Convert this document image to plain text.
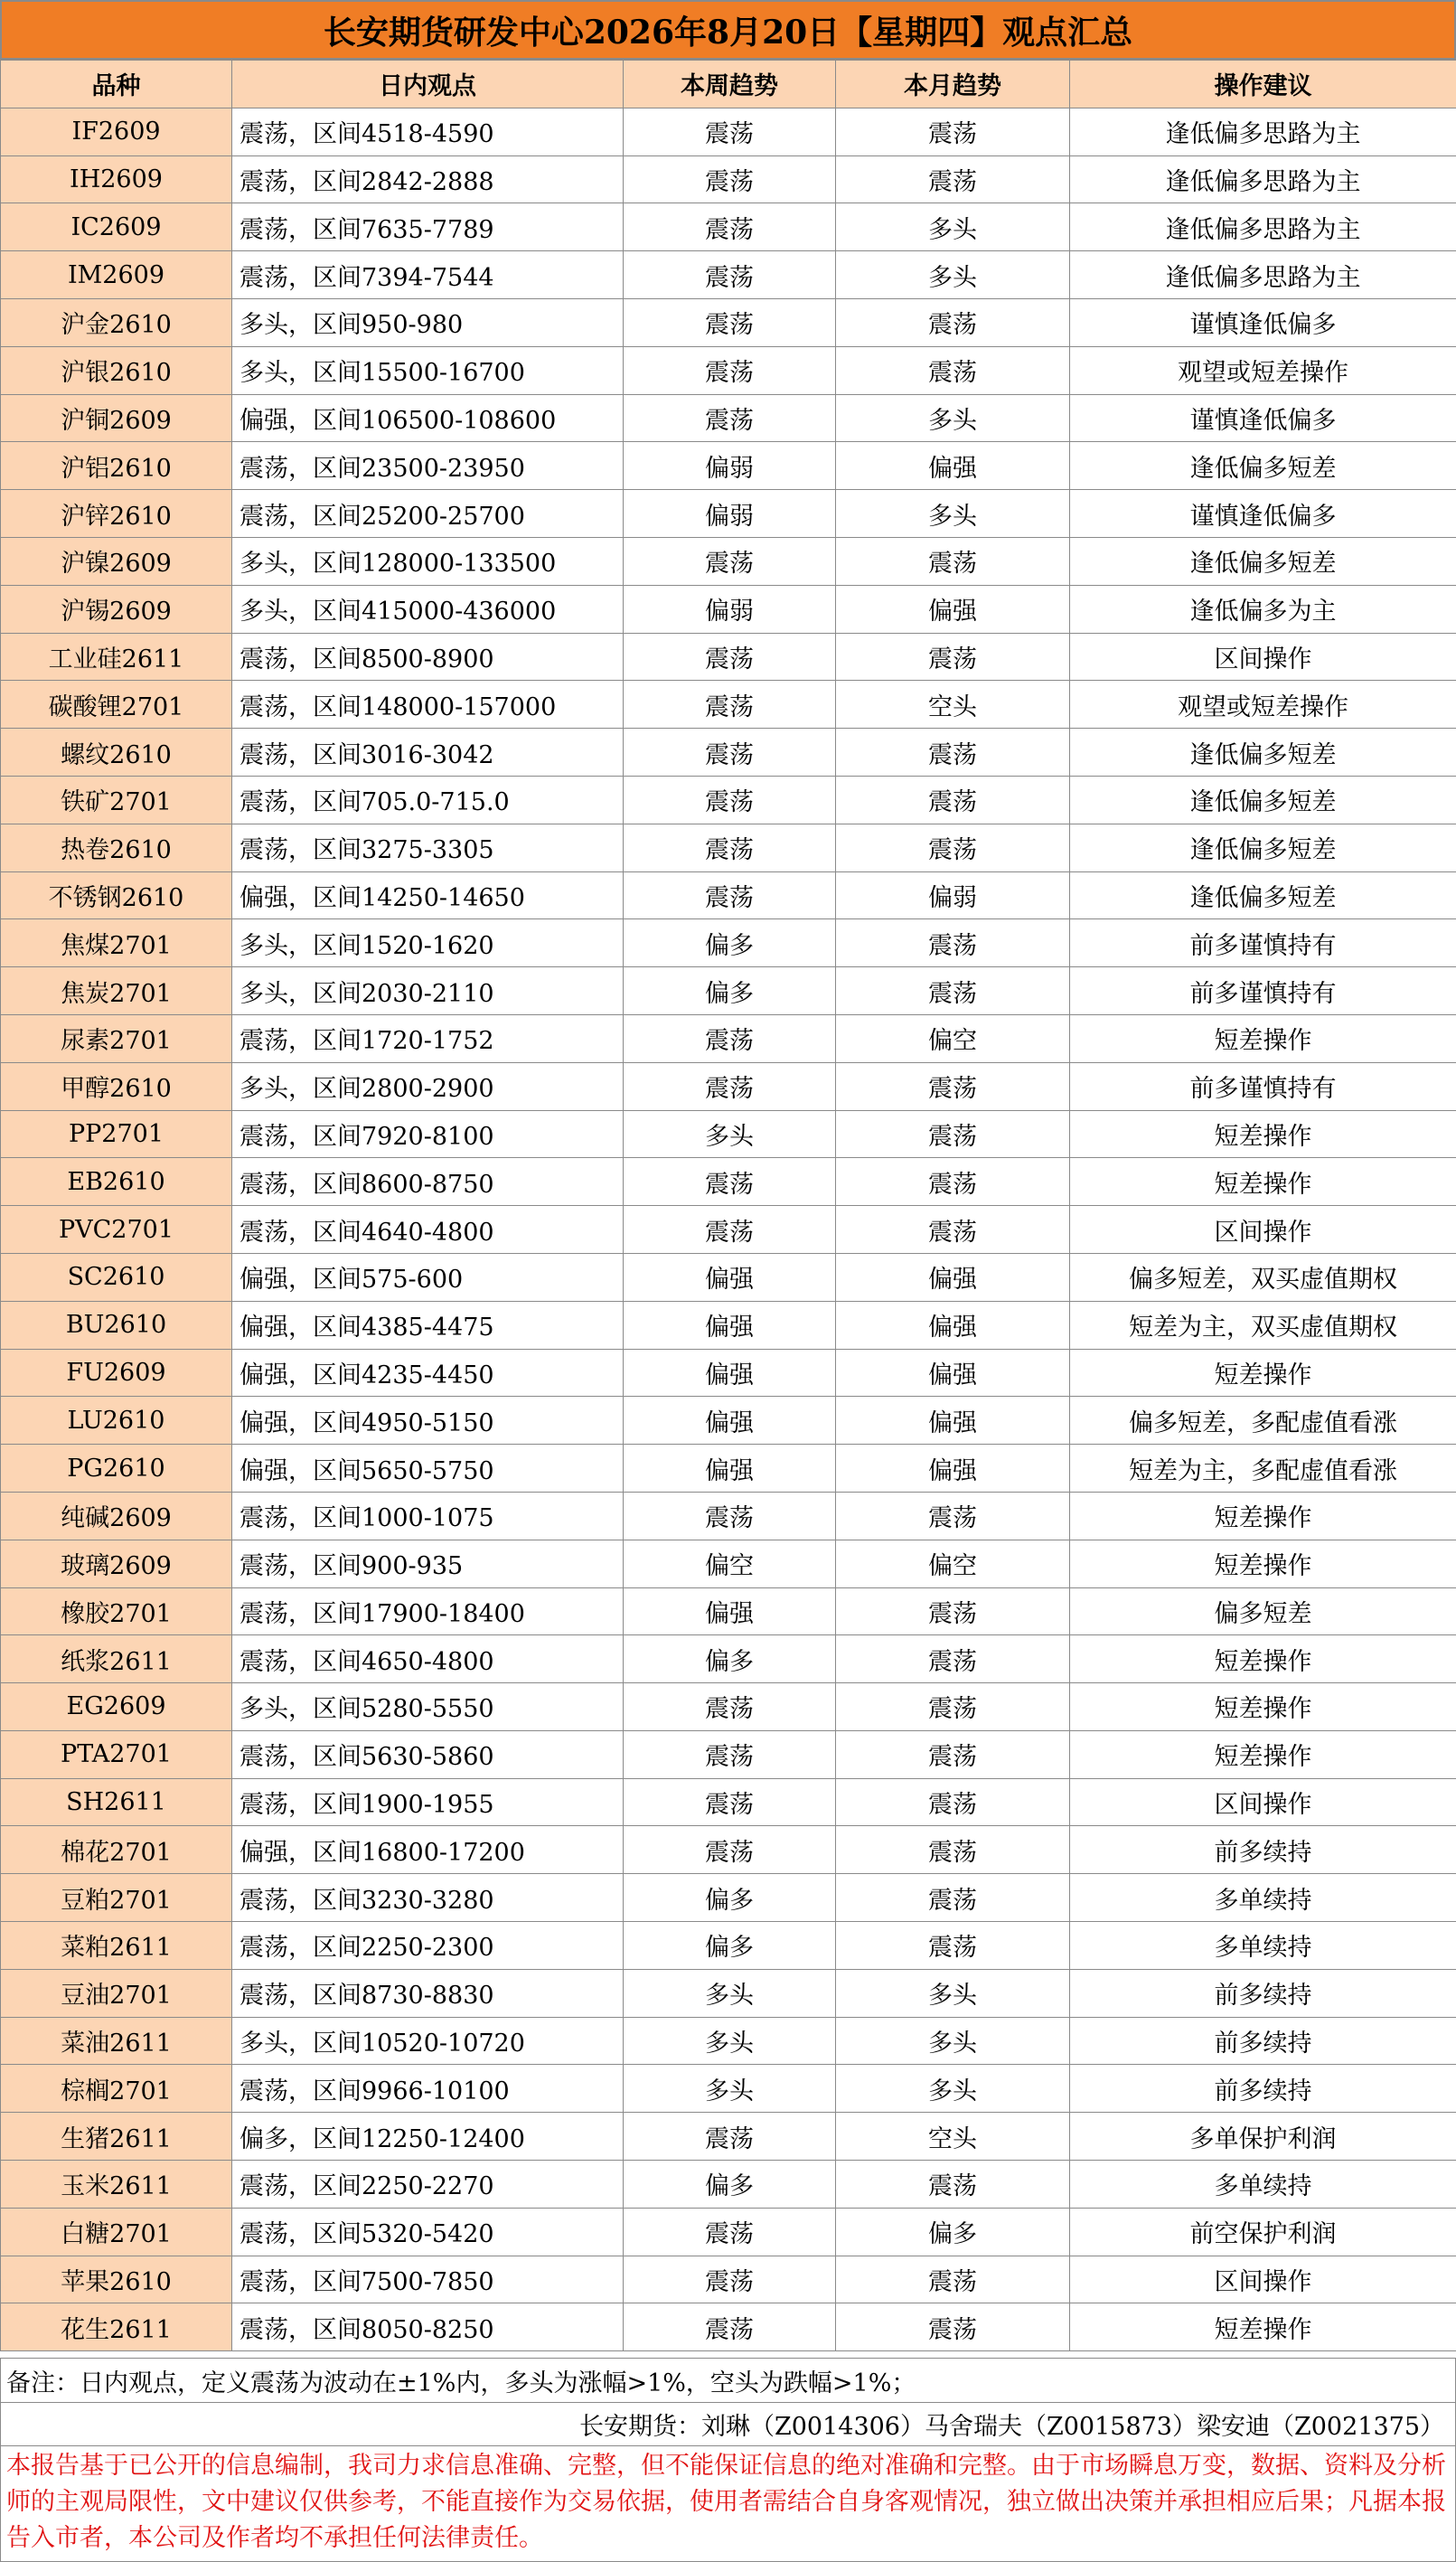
长安期货研发中心2026年8月20日【星期四】观点汇总
品种	日内观点	本周趋势	本月趋势	操作建议
IF2609	震荡，区间4518-4590	震荡	震荡	逢低偏多思路为主
IH2609	震荡，区间2842-2888	震荡	震荡	逢低偏多思路为主
IC2609	震荡，区间7635-7789	震荡	多头	逢低偏多思路为主
IM2609	震荡，区间7394-7544	震荡	多头	逢低偏多思路为主
沪金2610	多头，区间950-980	震荡	震荡	谨慎逢低偏多
沪银2610	多头，区间15500-16700	震荡	震荡	观望或短差操作
沪铜2609	偏强，区间106500-108600	震荡	多头	谨慎逢低偏多
沪铝2610	震荡，区间23500-23950	偏弱	偏强	逢低偏多短差
沪锌2610	震荡，区间25200-25700	偏弱	多头	谨慎逢低偏多
沪镍2609	多头，区间128000-133500	震荡	震荡	逢低偏多短差
沪锡2609	多头，区间415000-436000	偏弱	偏强	逢低偏多为主
工业硅2611	震荡，区间8500-8900	震荡	震荡	区间操作
碳酸锂2701	震荡，区间148000-157000	震荡	空头	观望或短差操作
螺纹2610	震荡，区间3016-3042	震荡	震荡	逢低偏多短差
铁矿2701	震荡，区间705.0-715.0	震荡	震荡	逢低偏多短差
热卷2610	震荡，区间3275-3305	震荡	震荡	逢低偏多短差
不锈钢2610	偏强，区间14250-14650	震荡	偏弱	逢低偏多短差
焦煤2701	多头，区间1520-1620	偏多	震荡	前多谨慎持有
焦炭2701	多头，区间2030-2110	偏多	震荡	前多谨慎持有
尿素2701	震荡，区间1720-1752	震荡	偏空	短差操作
甲醇2610	多头，区间2800-2900	震荡	震荡	前多谨慎持有
PP2701	震荡，区间7920-8100	多头	震荡	短差操作
EB2610	震荡，区间8600-8750	震荡	震荡	短差操作
PVC2701	震荡，区间4640-4800	震荡	震荡	区间操作
SC2610	偏强，区间575-600	偏强	偏强	偏多短差，双买虚值期权
BU2610	偏强，区间4385-4475	偏强	偏强	短差为主，双买虚值期权
FU2609	偏强，区间4235-4450	偏强	偏强	短差操作
LU2610	偏强，区间4950-5150	偏强	偏强	偏多短差，多配虚值看涨
PG2610	偏强，区间5650-5750	偏强	偏强	短差为主，多配虚值看涨
纯碱2609	震荡，区间1000-1075	震荡	震荡	短差操作
玻璃2609	震荡，区间900-935	偏空	偏空	短差操作
橡胶2701	震荡，区间17900-18400	偏强	震荡	偏多短差
纸浆2611	震荡，区间4650-4800	偏多	震荡	短差操作
EG2609	多头，区间5280-5550	震荡	震荡	短差操作
PTA2701	震荡，区间5630-5860	震荡	震荡	短差操作
SH2611	震荡，区间1900-1955	震荡	震荡	区间操作
棉花2701	偏强，区间16800-17200	震荡	震荡	前多续持
豆粕2701	震荡，区间3230-3280	偏多	震荡	多单续持
菜粕2611	震荡，区间2250-2300	偏多	震荡	多单续持
豆油2701	震荡，区间8730-8830	多头	多头	前多续持
菜油2611	多头，区间10520-10720	多头	多头	前多续持
棕榈2701	震荡，区间9966-10100	多头	多头	前多续持
生猪2611	偏多，区间12250-12400	震荡	空头	多单保护利润
玉米2611	震荡，区间2250-2270	偏多	震荡	多单续持
白糖2701	震荡，区间5320-5420	震荡	偏多	前空保护利润
苹果2610	震荡，区间7500-7850	震荡	震荡	区间操作
花生2611	震荡，区间8050-8250	震荡	震荡	短差操作
备注：日内观点，定义震荡为波动在±1%内，多头为涨幅>1%，空头为跌幅>1%；
长安期货：刘琳（Z0014306）马舍瑞夫（Z0015873）梁安迪（Z0021375）
本报告基于已公开的信息编制，我司力求信息准确、完整，但不能保证信息的绝对准确和完整。由于市场瞬息万变，数据、资料及分析师的主观局限性，文中建议仅供参考，不能直接作为交易依据，使用者需结合自身客观情况，独立做出决策并承担相应后果；凡据本报告入市者，本公司及作者均不承担任何法律责任。
